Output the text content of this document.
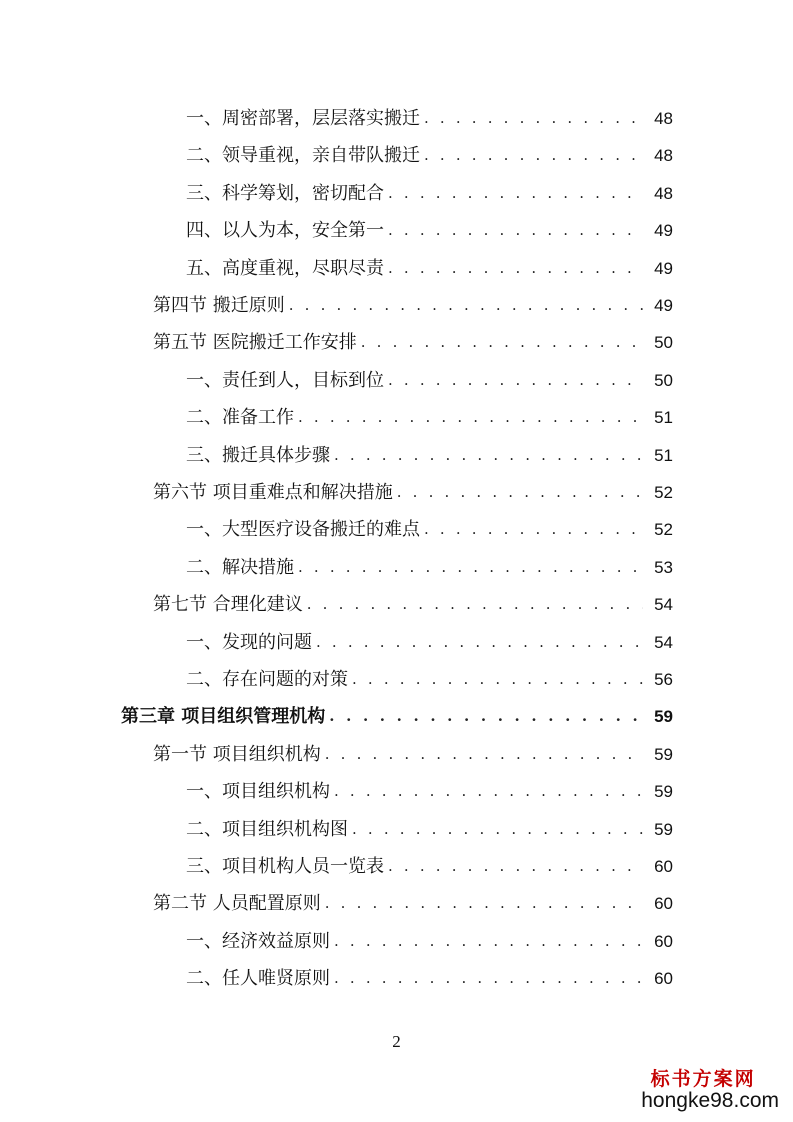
一、周密部署，层层落实搬迁 . . .	48
二、领导重视，亲自带队搬迁 . . .	48
三、科学筹划，密切配合 . . .	48
四、以人为本，安全第一 . . .	49
五、高度重视，尽职尽责 . . .	49
第四节 搬迁原则 . . .	49
第五节 医院搬迁工作安排 . . .	50
一、责任到人，目标到位 . . .	50
二、准备工作 . . .	51
三、搬迁具体步骤 . . .	51
第六节 项目重难点和解决措施 . . .	52
一、大型医疗设备搬迁的难点 . . .	52
二、解决措施 . . .	53
第七节 合理化建议 . . .	54
一、发现的问题 . . .	54
二、存在问题的对策 . . .	56
第三章 项目组织管理机构 . . .	59
第一节 项目组织机构 . . .	59
一、项目组织机构 . . .	59
二、项目组织机构图 . . .	59
三、项目机构人员一览表 . . .	60
第二节 人员配置原则 . . .	60
一、经济效益原则 . . .	60
二、任人唯贤原则 . . .	60
2
标书方案网
hongke98.com
